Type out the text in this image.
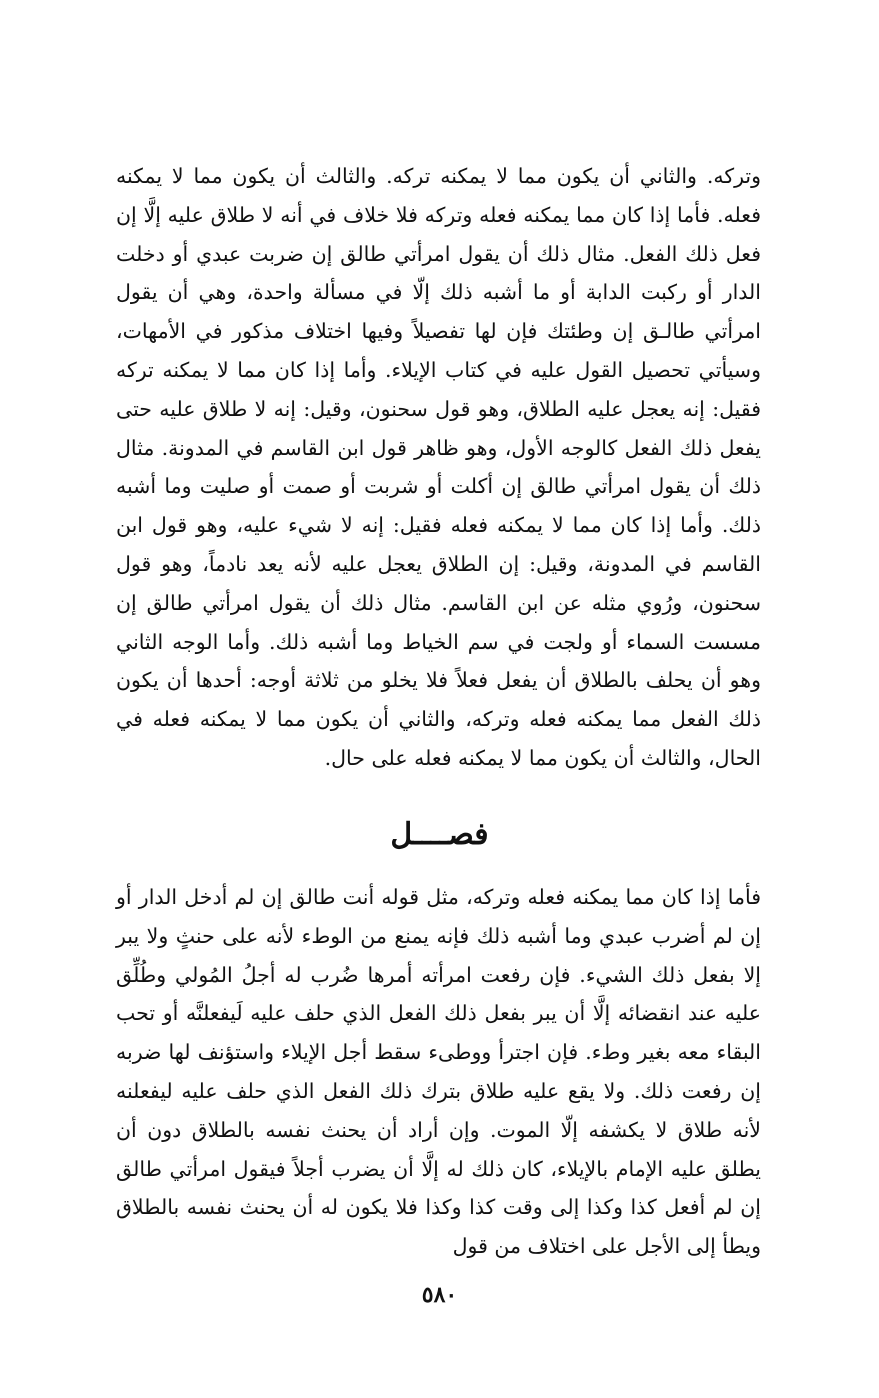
وتركه. والثاني أن يكون مما لا يمكنه تركه. والثالث أن يكون مما لا يمكنه فعله. فأما إذا كان مما يمكنه فعله وتركه فلا خلاف في أنه لا طلاق عليه إلَّا إن فعل ذلك الفعل. مثال ذلك أن يقول امرأتي طالق إن ضربت عبدي أو دخلت الدار أو ركبت الدابة أو ما أشبه ذلك إلّا في مسألة واحدة، وهي أن يقول امرأتي طالـق إن وطئتك فإن لها تفصيلاً وفيها اختلاف مذكور في الأمهات، وسيأتي تحصيل القول عليه في كتاب الإيلاء. وأما إذا كان مما لا يمكنه تركه فقيل: إنه يعجل عليه الطلاق، وهو قول سحنون، وقيل: إنه لا طلاق عليه حتى يفعل ذلك الفعل كالوجه الأول، وهو ظاهر قول ابن القاسم في المدونة. مثال ذلك أن يقول امرأتي طالق إن أكلت أو شربت أو صمت أو صليت وما أشبه ذلك. وأما إذا كان مما لا يمكنه فعله فقيل: إنه لا شيء عليه، وهو قول ابن القاسم في المدونة، وقيل: إن الطلاق يعجل عليه لأنه يعد نادماً، وهو قول سحنون، ورُوي مثله عن ابن القاسم. مثال ذلك أن يقول امرأتي طالق إن مسست السماء أو ولجت في سم الخياط وما أشبه ذلك. وأما الوجه الثاني وهو أن يحلف بالطلاق أن يفعل فعلاً فلا يخلو من ثلاثة أوجه: أحدها أن يكون ذلك الفعل مما يمكنه فعله وتركه، والثاني أن يكون مما لا يمكنه فعله في الحال، والثالث أن يكون مما لا يمكنه فعله على حال.

فصــــل

فأما إذا كان مما يمكنه فعله وتركه، مثل قوله أنت طالق إن لم أدخل الدار أو إن لم أضرب عبدي وما أشبه ذلك فإنه يمنع من الوطء لأنه على حنثٍ ولا يبر إلا بفعل ذلك الشيء. فإن رفعت امرأته أمرها ضُرب له أجلُ المُولي وطُلِّق عليه عند انقضائه إلَّا أن يبر بفعل ذلك الفعل الذي حلف عليه لَيفعلنَّه أو تحب البقاء معه بغير وطء. فإن اجترأ ووطىء سقط أجل الإيلاء واستؤنف لها ضربه إن رفعت ذلك. ولا يقع عليه طلاق بترك ذلك الفعل الذي حلف عليه ليفعلنه لأنه طلاق لا يكشفه إلّا الموت. وإن أراد أن يحنث نفسه بالطلاق دون أن يطلق عليه الإمام بالإيلاء، كان ذلك له إلَّا أن يضرب أجلاً فيقول امرأتي طالق إن لم أفعل كذا وكذا إلى وقت كذا وكذا فلا يكون له أن يحنث نفسه بالطلاق ويطأ إلى الأجل على اختلاف من قول

٥٨٠
